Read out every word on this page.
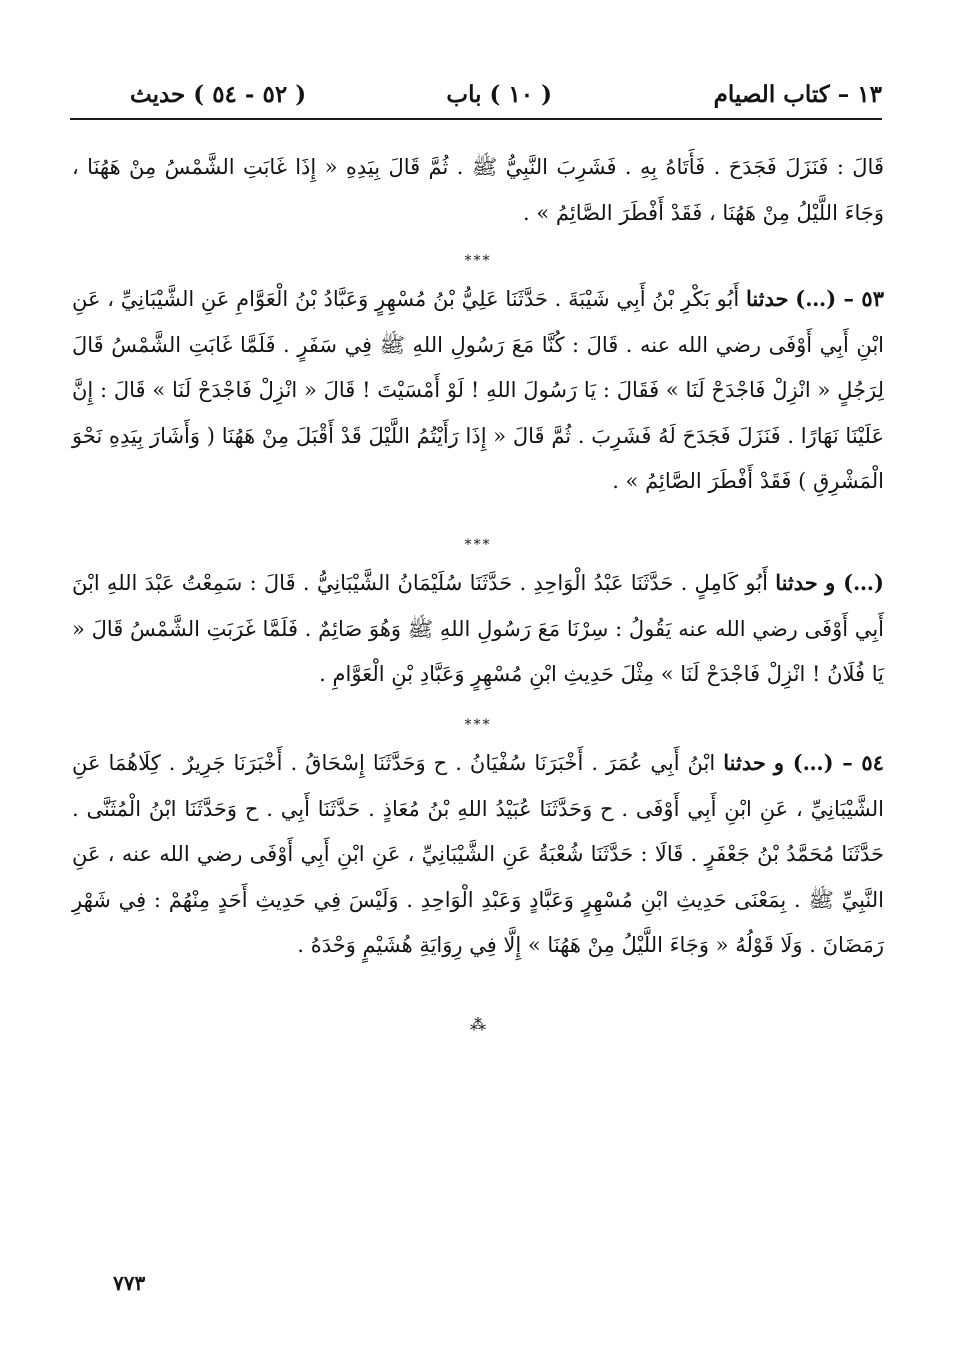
١٣ – كتاب الصيام
( ١٠ ) باب
( ٥٢ - ٥٤ ) حديث
قَالَ : فَنَزَلَ فَجَدَحَ . فَأَتَاهُ بِهِ . فَشَرِبَ النَّبِيُّ ﷺ . ثُمَّ قَالَ بِيَدِهِ « إِذَا غَابَتِ الشَّمْسُ مِنْ هَهُنَا ، وَجَاءَ اللَّيْلُ مِنْ هَهُنَا ، فَقَدْ أَفْطَرَ الصَّائِمُ » .
***
٥٣ – (…) حدثنا أَبُو بَكْرِ بْنُ أَبِي شَيْبَةَ . حَدَّثَنَا عَلِيُّ بْنُ مُسْهِرٍ وَعَبَّادُ بْنُ الْعَوَّامِ عَنِ الشَّيْبَانِيِّ ، عَنِ ابْنِ أَبِي أَوْفَى رضي الله عنه . قَالَ : كُنَّا مَعَ رَسُولِ اللهِ ﷺ فِي سَفَرٍ . فَلَمَّا غَابَتِ الشَّمْسُ قَالَ لِرَجُلٍ « انْزِلْ فَاجْدَحْ لَنَا » فَقَالَ : يَا رَسُولَ اللهِ ! لَوْ أَمْسَيْتَ ! قَالَ « انْزِلْ فَاجْدَحْ لَنَا » قَالَ : إِنَّ عَلَيْنَا نَهَارًا . فَنَزَلَ فَجَدَحَ لَهُ فَشَرِبَ . ثُمَّ قَالَ « إِذَا رَأَيْتُمُ اللَّيْلَ قَدْ أَقْبَلَ مِنْ هَهُنَا ( وَأَشَارَ بِيَدِهِ نَحْوَ الْمَشْرِقِ ) فَقَدْ أَفْطَرَ الصَّائِمُ » .
***
(…) و حدثنا أَبُو كَامِلٍ . حَدَّثَنَا عَبْدُ الْوَاحِدِ . حَدَّثَنَا سُلَيْمَانُ الشَّيْبَانِيُّ . قَالَ : سَمِعْتُ عَبْدَ اللهِ ابْنَ أَبِي أَوْفَى رضي الله عنه يَقُولُ : سِرْنَا مَعَ رَسُولِ اللهِ ﷺ وَهُوَ صَائِمٌ . فَلَمَّا غَرَبَتِ الشَّمْسُ قَالَ « يَا فُلَانُ ! انْزِلْ فَاجْدَحْ لَنَا » مِثْلَ حَدِيثِ ابْنِ مُسْهِرٍ وَعَبَّادِ بْنِ الْعَوَّامِ .
***
٥٤ – (…) و حدثنا ابْنُ أَبِي عُمَرَ . أَخْبَرَنَا سُفْيَانُ . ح وَحَدَّثَنَا إِسْحَاقُ . أَخْبَرَنَا جَرِيرٌ . كِلَاهُمَا عَنِ الشَّيْبَانِيِّ ، عَنِ ابْنِ أَبِي أَوْفَى . ح وَحَدَّثَنَا عُبَيْدُ اللهِ بْنُ مُعَاذٍ . حَدَّثَنَا أَبِي . ح وَحَدَّثَنَا ابْنُ الْمُثَنَّى . حَدَّثَنَا مُحَمَّدُ بْنُ جَعْفَرٍ . قَالَا : حَدَّثَنَا شُعْبَةُ عَنِ الشَّيْبَانِيِّ ، عَنِ ابْنِ أَبِي أَوْفَى رضي الله عنه ، عَنِ النَّبِيِّ ﷺ . بِمَعْنَى حَدِيثِ ابْنِ مُسْهِرٍ وَعَبَّادٍ وَعَبْدِ الْوَاحِدِ . وَلَيْسَ فِي حَدِيثِ أَحَدٍ مِنْهُمْ : فِي شَهْرِ رَمَضَانَ . وَلَا قَوْلُهُ « وَجَاءَ اللَّيْلُ مِنْ هَهُنَا » إِلَّا فِي رِوَايَةِ هُشَيْمٍ وَحْدَهُ .
⁂
٧٧٣
